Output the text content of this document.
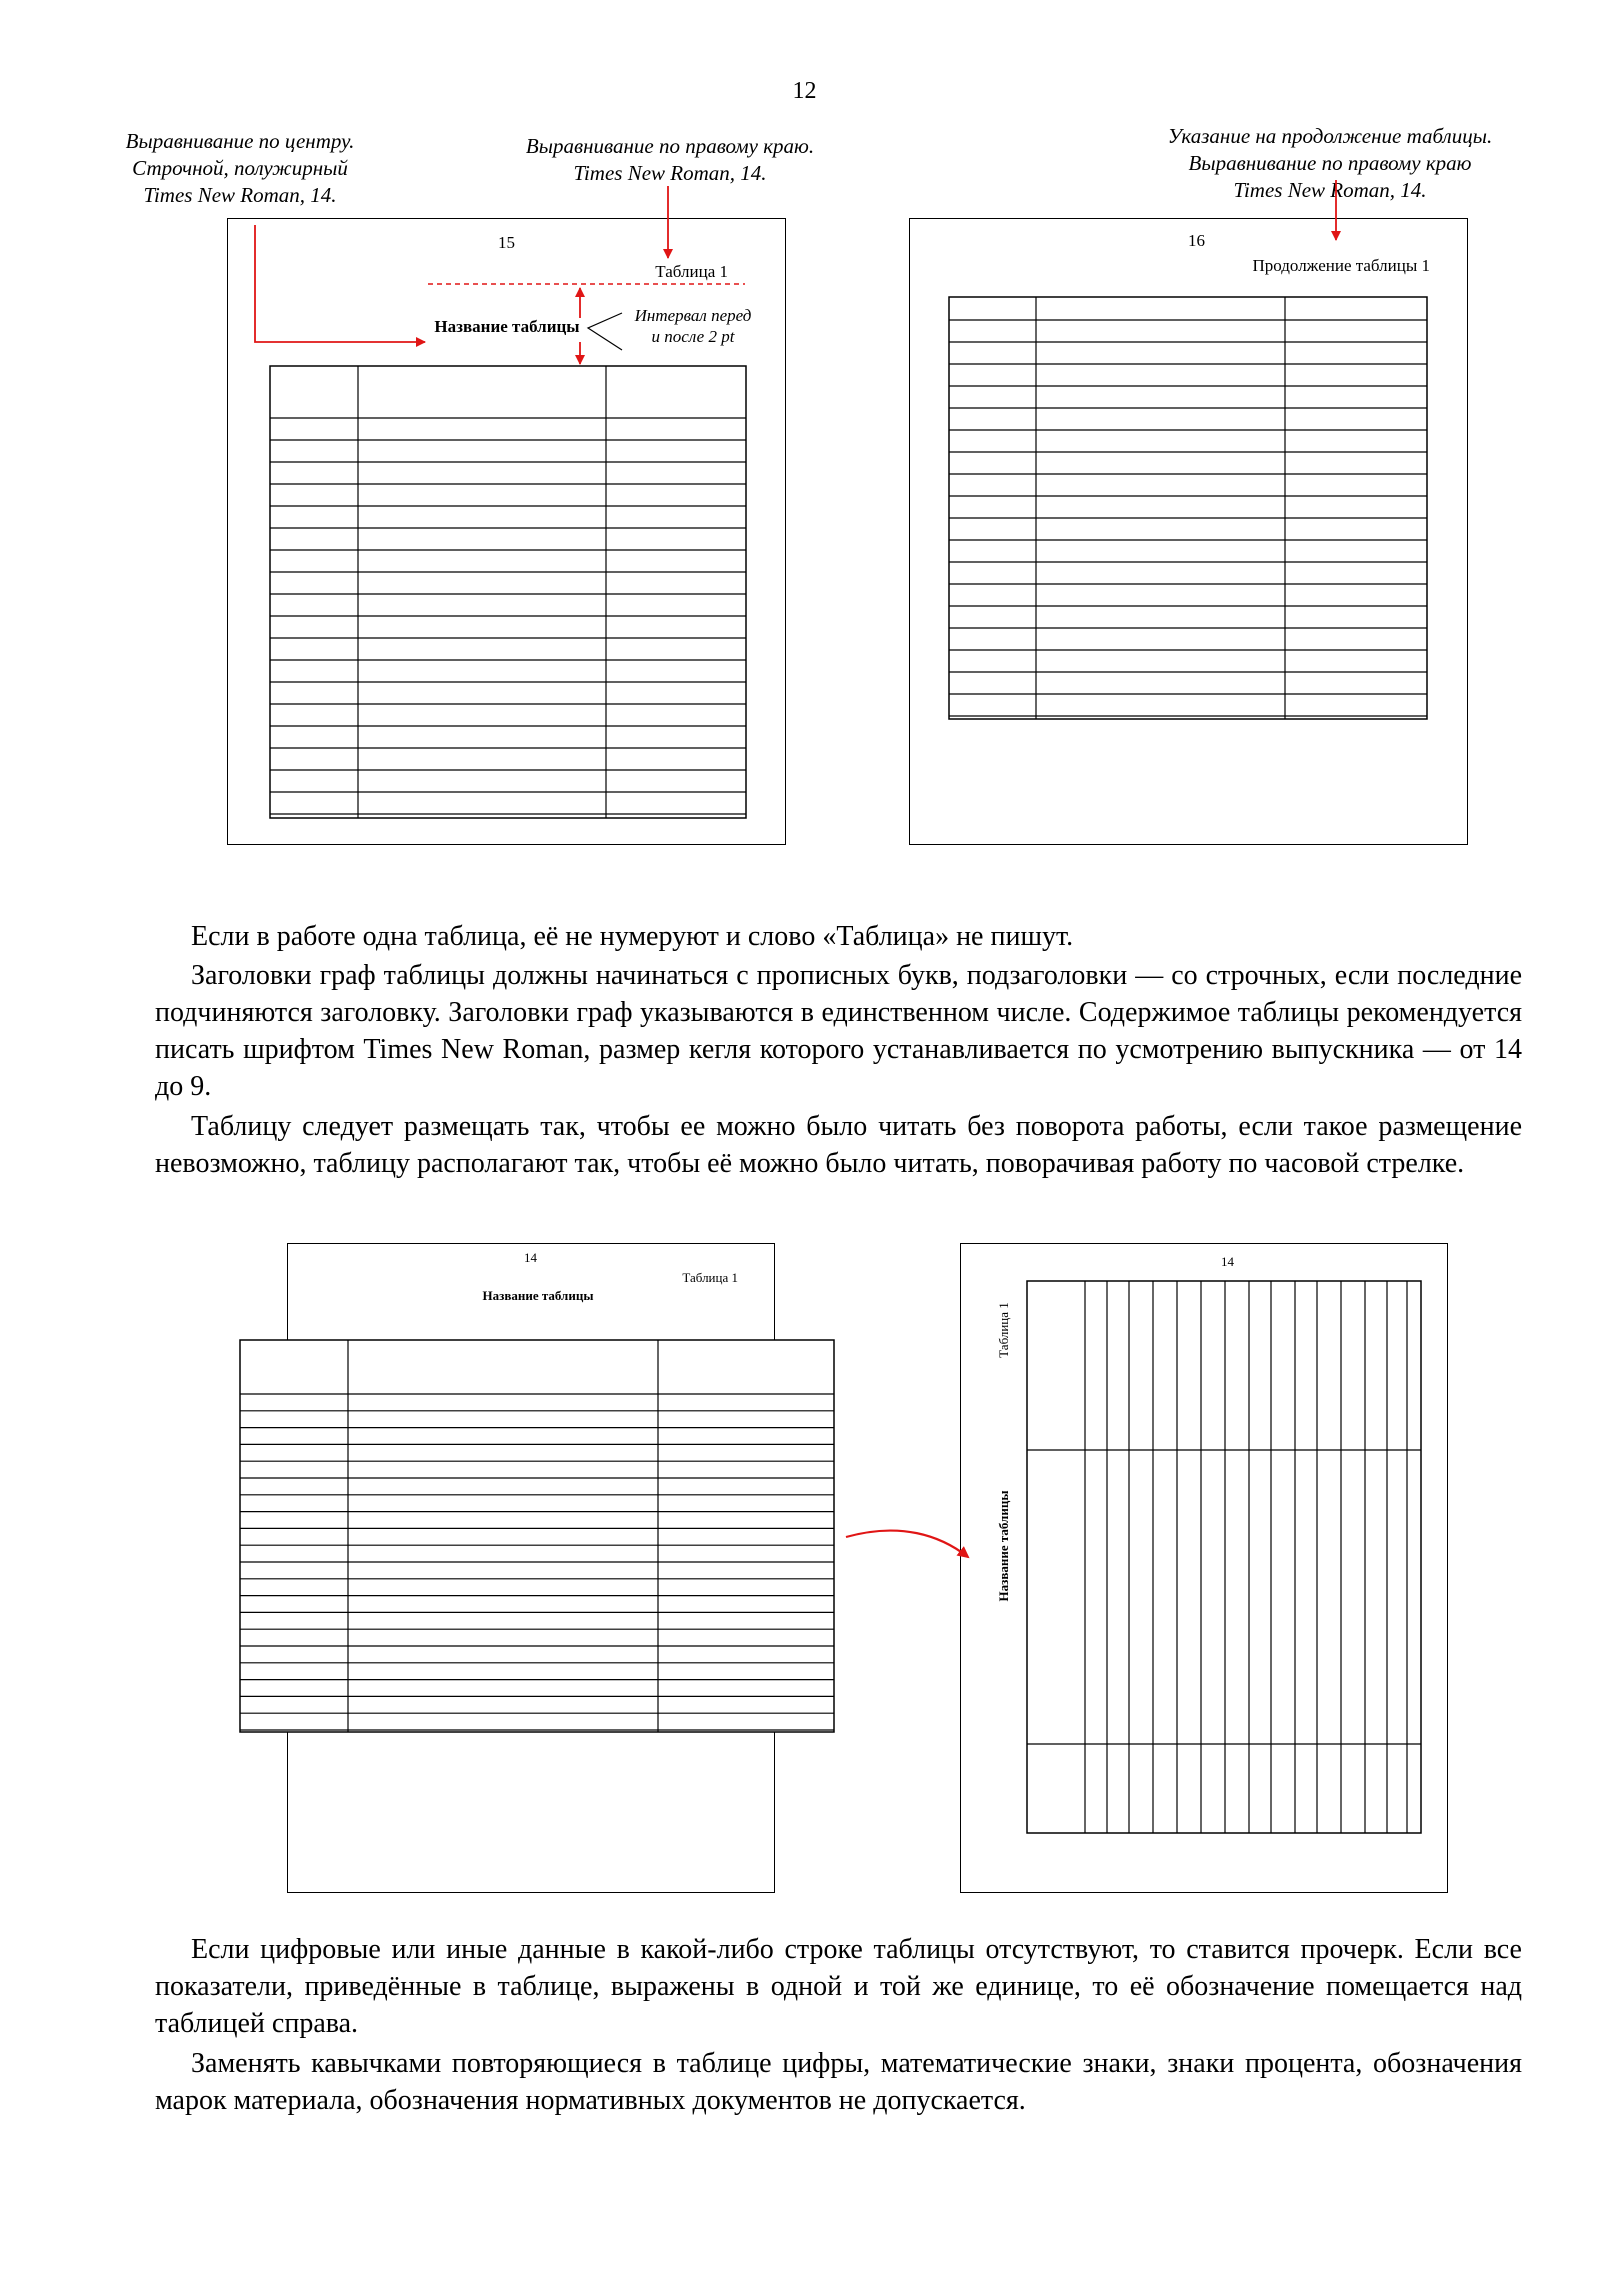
12
Выравнивание по центру.
Строчной, полужирный
Times New Roman, 14.
Выравнивание по правому краю.
Times New Roman, 14.
Указание на продолжение таблицы.
Выравнивание по правому краю
Times New Roman, 14.
15
Таблица 1
Название таблицы
Интервал перед
и после 2 pt
16
Продолжение таблицы 1
Если в работе одна таблица, её не нумеруют и слово «Таблица» не пишут.
Заголовки граф таблицы должны начинаться с прописных букв, подзаголовки — со строчных, если последние подчиняются заголовку. Заголовки граф указываются в единственном числе. Содержимое таблицы рекомендуется писать шрифтом Times New Roman, размер кегля которого устанавливается по усмотрению выпускника — от 14 до 9.
Таблицу следует размещать так, чтобы ее можно было читать без поворота работы, если такое размещение невозможно, таблицу располагают так, чтобы её можно было читать, поворачивая работу по часовой стрелке.
14
Таблица 1
Название таблицы
14
Таблица 1
Название таблицы
Если цифровые или иные данные в какой-либо строке таблицы отсутствуют, то ставится прочерк. Если все показатели, приведённые в таблице, выражены в одной и той же единице, то её обозначение помещается над таблицей справа.
Заменять кавычками повторяющиеся в таблице цифры, математические знаки, знаки процента, обозначения марок материала, обозначения нормативных документов не допускается.
